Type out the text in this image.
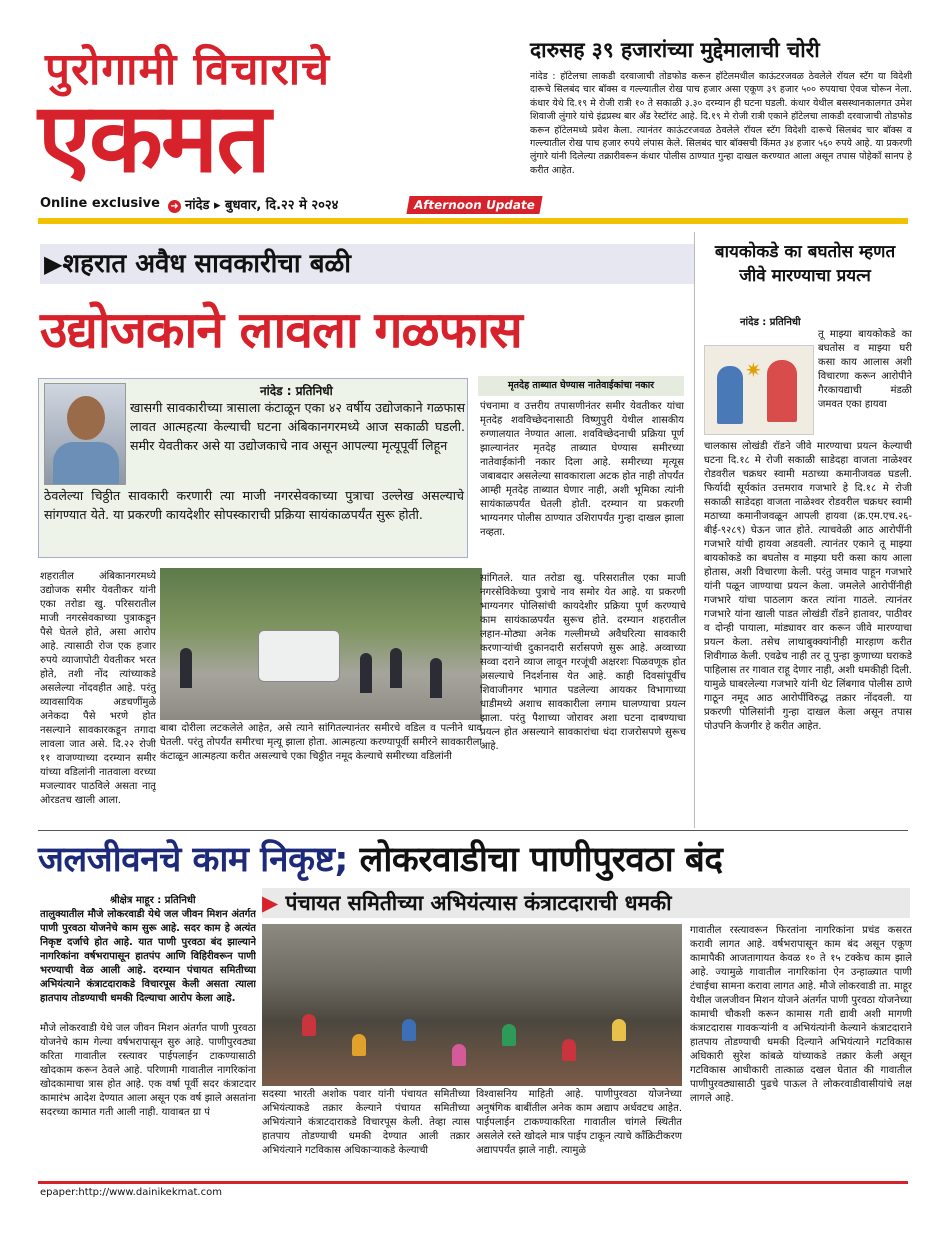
पुरोगामी विचाराचे
एकमत
Online exclusive ➜ नांदेड ▸ बुधवार, दि.२२ मे २०२४	Afternoon Update
दारुसह ३९ हजारांच्या मुद्देमालाची चोरी
नांदेड : हॉटेलचा लाकडी दरवाजाची तोडफोड करून हॉटेलमधील काऊंटरजवळ ठेवलेले रॉयल स्टॅग या विदेशी दारूचे सिलबंद चार बॉक्स व गल्ल्यातील रोख पाच हजार असा एकूण ३९ हजार ५०० रुपयाचा ऐवज चोरून नेला. कंधार येथे दि.१९ मे रोजी रात्री १० ते सकाळी ३.३० दरम्यान ही घटना घडली. कंधार येथील बसस्थानकालगत उमेश शिवाजी लुंगारे यांचे इंद्रप्रस्थ बार अँड रेस्टॉरंट आहे. दि.१९ मे रोजी रात्री एकाने हॉटेलचा लाकडी दरवाजाची तोडफोड करून हॉटेलमध्ये प्रवेश केला. त्यानंतर काऊंटरजवळ ठेवलेले रॉयल स्टॅग विदेशी दारूचे सिलबंद चार बॉक्स व गल्ल्यातील रोख पाच हजार रुपये लंपास केले. सिलबंद चार बॉक्सची किंमत ३४ हजार ५६० रुपये आहे. या प्रकरणी लुंगारे यांनी दिलेल्या तक्रारीवरून कंधार पोलीस ठाण्यात गुन्हा दाखल करण्यात आला असून तपास पोहेकॉं सानप हे करीत आहेत.
▶शहरात अवैध सावकारीचा बळी
उद्योजकाने लावला गळफास
नांदेड : प्रतिनिधी
खासगी सावकारीच्या त्रासाला कंटाळून एका ४२ वर्षीय उद्योजकाने गळफास लावत आत्महत्या केल्याची घटना अंबिकानगरमध्ये आज सकाळी घडली. समीर येवतीकर असे या उद्योजकाचे नाव असून आपल्या मृत्यूपूर्वी लिहून
ठेवलेल्या चिठ्ठीत सावकारी करणारी त्या माजी नगरसेवकाच्या पुत्राचा उल्लेख असल्याचे सांगण्यात येते. या प्रकरणी कायदेशीर सोपस्काराची प्रक्रिया सायंकाळपर्यंत सुरू होती.
शहरातील अंबिकानगरमध्ये उद्योजक समीर येवतीकर यांनी एका तरोडा खु. परिसरातील माजी नगरसेवकाच्या पुत्राकडून पैसे घेतले होते, असा आरोप आहे. त्यासाठी रोज एक हजार रुपये व्याजापोटी येवतीकर भरत होते, तशी नोंद त्यांच्याकडे असलेल्या नोंदवहीत आहे. परंतु व्यावसायिक अडचणींमुळे अनेकदा पैसे भरणे होत नसल्याने सावकारकडून तगादा लावला जात असे. दि.२२ रोजी ११ वाजण्याच्या दरम्यान समीर यांच्या वडिलांनी नातवाला वरच्या मजल्यावर पाठविले असता नातू ओरडतच खाली आला.
बाबा दोरीला लटकलेले आहेत, असे त्याने सांगितल्यानंतर समीरचे वडिल व पत्नीने धाव घेतली. परंतु तोपर्यंत समीरचा मृत्यू झाला होता. आत्महत्या करण्यापूर्वी समीरने सावकारीला कंटाळून आत्महत्या करीत असल्याचे एका चिठ्ठीत नमूद केल्याचे समीरच्या वडिलांनी
मृतदेह ताब्यात घेण्यास नातेवाईकांचा नकार
पंचनामा व उत्तरीय तपासणीनंतर समीर येवतीकर यांचा मृतदेह शवविच्छेदनासाठी विष्णुपुरी येथील शासकीय रुग्णालयात नेण्यात आला. शवविच्छेदनाची प्रक्रिया पूर्ण झाल्यानंतर मृतदेह ताब्यात घेण्यास समीरच्या नातेवाईकांनी नकार दिला आहे. समीरच्या मृत्यूस जबाबदार असलेल्या सावकाराला अटक होत नाही तोपर्यंत आम्ही मृतदेह ताब्यात घेणार नाही, अशी भूमिका त्यांनी सायंकाळपर्यंत घेतली होती. दरम्यान या प्रकरणी भाग्यनगर पोलीस ठाण्यात उशिरापर्यंत गुन्हा दाखल झाला नव्हता.
सांगितले. यात तरोडा खु. परिसरातील एका माजी नगरसेविकेच्या पुत्राचे नाव समोर येत आहे. या प्रकरणी भाग्यनगर पोलिसांची कायदेशीर प्रक्रिया पूर्ण करण्याचे काम सायंकाळपर्यंत सुरूच होते. दरम्यान शहरातील लहान-मोठ्या अनेक गल्लीमध्ये अवैधरित्या सावकारी करणाऱ्यांची दुकानदारी सर्रासपणे सुरू आहे. अव्वाच्या सव्वा दराने व्याज लावून गरजूंची अक्षरशः पिळवणूक होत असल्याचे निदर्शनास येत आहे. काही दिवसांपूर्वीच शिवाजीनगर भागात पडलेल्या आयकर विभागाच्या धाडीमध्ये अशाच सावकारीला लगाम घालण्याचा प्रयत्न झाला. परंतु पैशाच्या जोरावर अशा घटना दाबण्याचा प्रयत्न होत असल्याने सावकारांचा धंदा राजरोसपणे सुरूच आहे.
बायकोकडे का बघतोस म्हणत जीवे मारण्याचा प्रयत्न
नांदेड : प्रतिनिधी
✷
तू माझ्या बायकोकडे का बघतोस व माझ्या घरी कसा काय आलास अशी विचारणा करून आरोपीने गैरकायद्याची मंडळी जमवत एका हायवा
चालकास लोखंडी रॉडने जीवे मारण्याचा प्रयत्न केल्याची घटना दि.१८ मे रोजी सकाळी साडेदहा वाजता नाळेश्वर रोडवरील चक्रधर स्वामी मठाच्या कमानीजवळ घडली. फिर्यादी सूर्यकांत उत्तमराव गजभारे हे दि.१८ मे रोजी सकाळी साडेदहा वाजता नाळेश्वर रोडवरील चक्रधर स्वामी मठाच्या कमानीजवळून आपली हायवा (क्र.एम.एच.२६-बीई-९२८९) घेऊन जात होते. त्याचवेळी आठ आरोपींनी गजभारे यांची हायवा अडवली. त्यानंतर एकाने तू माझ्या बायकोकडे का बघतोस व माझ्या घरी कसा काय आला होतास, अशी विचारणा केली. परंतु जमाव पाहून गजभारे यांनी पळून जाण्याचा प्रयत्न केला. जमलेले आरोपींनीही गजभारे यांचा पाठलाग करत त्यांना गाठले. त्यानंतर गजभारे यांना खाली पाडत लोखंडी रॉडने हातावर, पाठीवर व दोन्ही पायाला, मांड्यावर वार करून जीवे मारण्याचा प्रयत्न केला. तसेच लाथाबुक्क्यांनीही मारहाण करीत शिवीगाळ केली. एवढेच नाही तर तू पुन्हा कुणाच्या घराकडे पाहिलास तर गावात राहू देणार नाही, अशी धमकीही दिली. यामुळे घाबरलेल्या गजभारे यांनी थेट लिंबगाव पोलीस ठाणे गाठून नमूद आठ आरोपींविरुद्ध तक्रार नोंदवली. या प्रकरणी पोलिसांनी गुन्हा दाखल केला असून तपास पोउपनि केजगीर हे करीत आहेत.
जलजीवनचे काम निकृष्ट; लोकरवाडीचा पाणीपुरवठा बंद
श्रीक्षेत्र माहूर : प्रतिनिधी	▶ पंचायत समितीच्या अभियंत्यास कंत्राटदाराची धमकी
तालुक्यातील मौजे लोकरवाडी येथे जल जीवन मिशन अंतर्गत पाणी पुरवठा योजनेचे काम सुरू आहे. सदर काम हे अत्यंत निकृष्ट दर्जाचे होत आहे. यात पाणी पुरवठा बंद झाल्याने नागरिकांना वर्षभरापासून हातपंप आणि विहिरीवरून पाणी भरण्याची वेळ आली आहे. दरम्यान पंचायत समितीच्या अभियंत्याने कंत्राटदाराकडे विचारपूस केली असता त्याला हातपाय तोडण्याची धमकी दिल्याचा आरोप केला आहे.
मौजे लोकरवाडी येथे जल जीवन मिशन अंतर्गत पाणी पुरवठा योजनेचे काम गेल्या वर्षभरापासून सुरु आहे. पाणीपुरवठ्या करिता गावातील रस्त्यावर पाईपलाईन टाकण्यासाठी खोदकाम करून ठेवले आहे. परिणामी गावातील नागरिकांना खोदकामाचा त्रास होत आहे. एक वर्षा पूर्वी सदर कंत्राटदार कामारंभ आदेश देण्यात आला असून एक वर्ष झाले असतांना सदरच्या कामात गती आली नाही. यावाबत ग्रा पं
सदस्या भारती अशोक पवार यांनी पंचायत समितीच्या अभियंत्याकडे तक्रार केल्याने पंचायत समितीच्या अभियंत्याने कंत्राटदाराकडे विचारपूस केली. तेव्हा त्यास हातपाय तोडण्याची धमकी देण्यात आली तक्रार अभियंत्याने गटविकास अधिकाऱ्याकडे केल्याची
विश्वासनिय माहिती आहे. पाणीपुरवठा योजनेच्या अनुषंगिक बाबींतील अनेक काम अद्याप अर्धवटच आहेत. पाईपलाईन टाकण्याकरिता गावातील चांगले स्थितीत असलेले रस्ते खोदले मात्र पाईप टाकून त्याचे कॉंक्रिटीकरण अद्यापपर्यंत झाले नाही. त्यामुळे
गावातील रस्त्यावरून फिरतांना नागरिकांना प्रचंड कसरत करावी लागत आहे. वर्षभरापासून काम बंद असून एकूण कामापैकी आजतागायत केवळ १० ते १५ टक्केच काम झाले आहे. ज्यामुळे गावातील नागरिकांना ऐन उन्हाळ्यात पाणी टंचाईचा सामना करावा लागत आहे. मौजे लोकरवाडी ता. माहूर येथील जलजीवन मिशन योजने अंतर्गत पाणी पुरवठा योजनेच्या कामाची चौकशी करून कामास गती द्यावी अशी मागणी कंत्राटदारास गावकऱ्यांनी व अभियंत्यांनी केल्याने कंत्राटदाराने हातपाय तोडण्याची धमकी दिल्याने अभियंत्याने गटविकास अधिकारी सुरेश कांबळे यांच्याकडे तक्रार केली असून गटविकास आधीकारी तात्काळ दखल घेतात की गावातील पाणीपुरवठ्यासाठी पुढचे पाऊल ते लोकरवाडीवासीयांचे लक्ष लागले आहे.
epaper:http://www.dainikekmat.com
